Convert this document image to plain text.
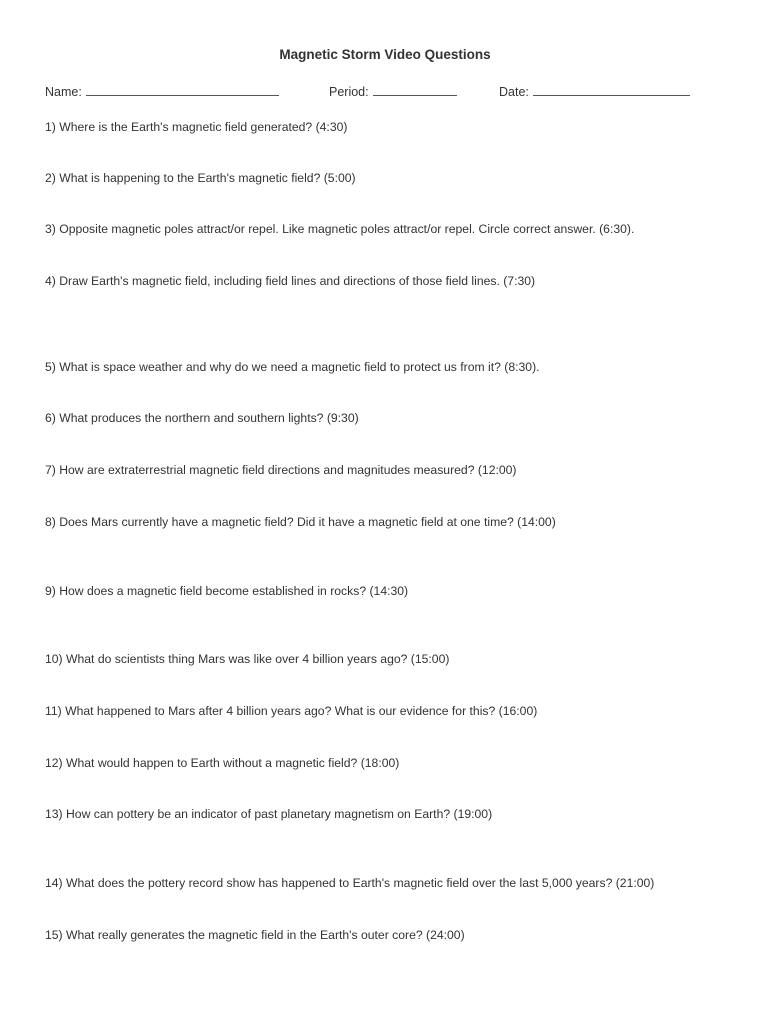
Magnetic Storm Video Questions
Name:	Period:	Date:
1) Where is the Earth's magnetic field generated? (4:30)
2) What is happening to the Earth's magnetic field? (5:00)
3) Opposite magnetic poles attract/or repel. Like magnetic poles attract/or repel. Circle correct answer. (6:30).
4) Draw Earth's magnetic field, including field lines and directions of those field lines. (7:30)
5) What is space weather and why do we need a magnetic field to protect us from it? (8:30).
6) What produces the northern and southern lights? (9:30)
7) How are extraterrestrial magnetic field directions and magnitudes measured? (12:00)
8) Does Mars currently have a magnetic field? Did it have a magnetic field at one time? (14:00)
9) How does a magnetic field become established in rocks? (14:30)
10) What do scientists thing Mars was like over 4 billion years ago? (15:00)
11) What happened to Mars after 4 billion years ago? What is our evidence for this? (16:00)
12) What would happen to Earth without a magnetic field? (18:00)
13) How can pottery be an indicator of past planetary magnetism on Earth? (19:00)
14) What does the pottery record show has happened to Earth's magnetic field over the last 5,000 years? (21:00)
15) What really generates the magnetic field in the Earth's outer core? (24:00)
